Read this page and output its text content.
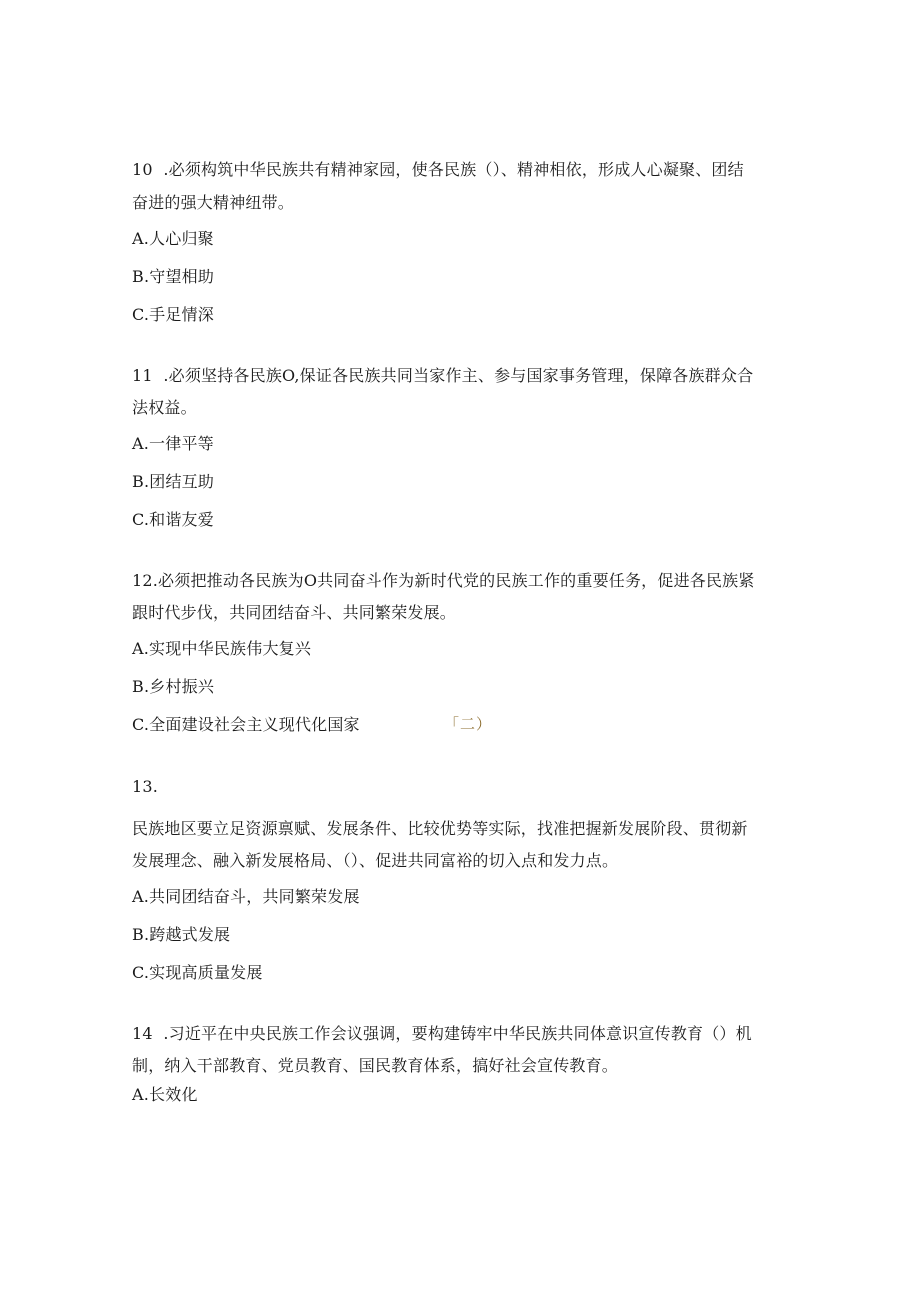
10  .必须构筑中华民族共有精神家园，使各民族（）、精神相依，形成人心凝聚、团结
奋进的强大精神纽带。
A.人心归聚
B.守望相助
C.手足情深
11  .必须坚持各民族O,保证各民族共同当家作主、参与国家事务管理，保障各族群众合
法权益。
A.一律平等
B.团结互助
C.和谐友爱
12.必须把推动各民族为O共同奋斗作为新时代党的民族工作的重要任务，促进各民族紧
跟时代步伐，共同团结奋斗、共同繁荣发展。
A.实现中华民族伟大复兴
B.乡村振兴
C.全面建设社会主义现代化国家	「二）
13.
民族地区要立足资源禀赋、发展条件、比较优势等实际，找准把握新发展阶段、贯彻新
发展理念、融入新发展格局、（）、促进共同富裕的切入点和发力点。
A.共同团结奋斗，共同繁荣发展
B.跨越式发展
C.实现高质量发展
14  .习近平在中央民族工作会议强调，要构建铸牢中华民族共同体意识宣传教育（）机
制，纳入干部教育、党员教育、国民教育体系，搞好社会宣传教育。
A.长效化
